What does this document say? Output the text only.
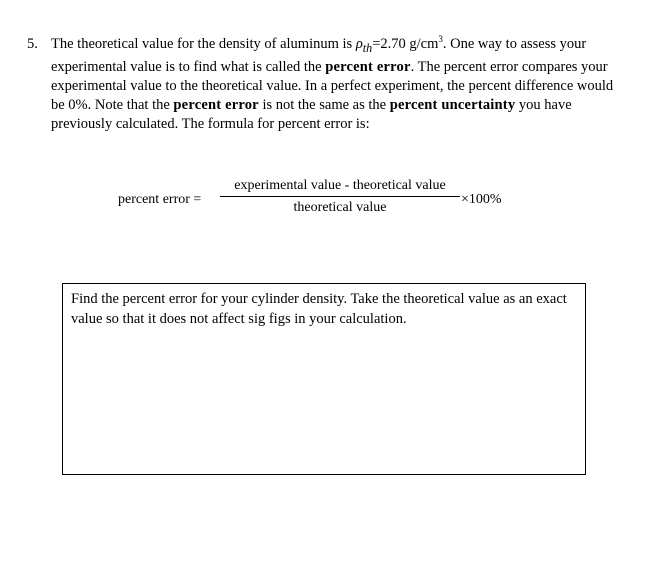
5. The theoretical value for the density of aluminum is $\rho_{th}=2.70$ $g/cm^3$. One way to assess your experimental value is to find what is called the percent error. The percent error compares your experimental value to the theoretical value. In a perfect experiment, the percent difference would be 0%. Note that the percent error is not the same as the percent uncertainty you have previously calculated. The formula for percent error is:
percent error =
experimental value - theoretical value
theoretical value
×100%
Find the percent error for your cylinder density. Take the theoretical value as an exact value so that it does not affect sig figs in your calculation.
